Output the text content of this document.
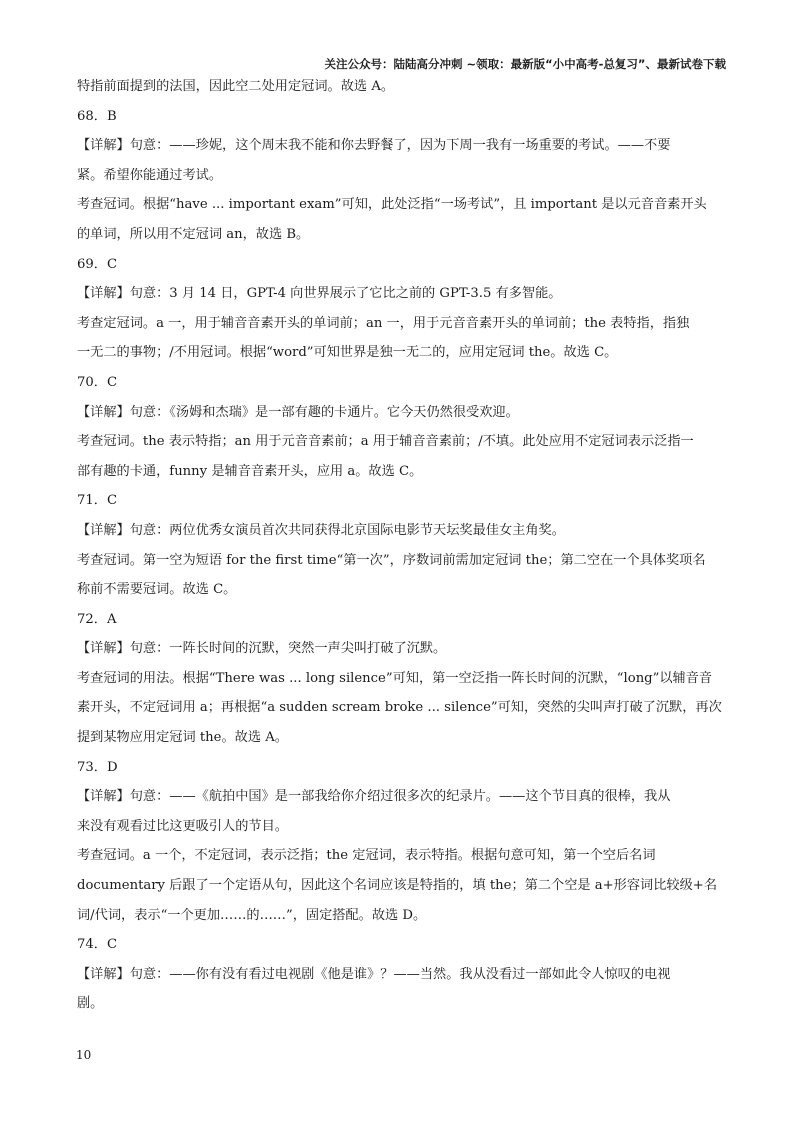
关注公众号：陆陆高分冲刺 ~领取：最新版“小中高考-总复习”、最新试卷下载
特指前面提到的法国，因此空二处用定冠词。故选 A。
68．B
【详解】句意：——珍妮，这个周末我不能和你去野餐了，因为下周一我有一场重要的考试。——不要
紧。希望你能通过考试。
考查冠词。根据“have ... important exam”可知，此处泛指“一场考试”，且 important 是以元音音素开头
的单词，所以用不定冠词 an，故选 B。
69．C
【详解】句意：3 月 14 日，GPT-4 向世界展示了它比之前的 GPT-3.5 有多智能。
考查定冠词。a 一，用于辅音音素开头的单词前；an 一，用于元音音素开头的单词前；the 表特指，指独
一无二的事物；/不用冠词。根据“word”可知世界是独一无二的，应用定冠词 the。故选 C。
70．C
【详解】句意：《汤姆和杰瑞》是一部有趣的卡通片。它今天仍然很受欢迎。
考查冠词。the 表示特指；an 用于元音音素前；a 用于辅音音素前；/不填。此处应用不定冠词表示泛指一
部有趣的卡通，funny 是辅音音素开头，应用 a。故选 C。
71．C
【详解】句意：两位优秀女演员首次共同获得北京国际电影节天坛奖最佳女主角奖。
考查冠词。第一空为短语 for the first time“第一次”，序数词前需加定冠词 the；第二空在一个具体奖项名
称前不需要冠词。故选 C。
72．A
【详解】句意：一阵长时间的沉默，突然一声尖叫打破了沉默。
考查冠词的用法。根据“There was ... long silence”可知，第一空泛指一阵长时间的沉默，“long”以辅音音
素开头，不定冠词用 a；再根据“a sudden scream broke ... silence”可知，突然的尖叫声打破了沉默，再次
提到某物应用定冠词 the。故选 A。
73．D
【详解】句意：——《航拍中国》是一部我给你介绍过很多次的纪录片。——这个节目真的很棒，我从
来没有观看过比这更吸引人的节目。
考查冠词。a 一个，不定冠词，表示泛指；the 定冠词，表示特指。根据句意可知，第一个空后名词
documentary 后跟了一个定语从句，因此这个名词应该是特指的，填 the；第二个空是 a+形容词比较级+名
词/代词，表示“一个更加……的……”，固定搭配。故选 D。
74．C
【详解】句意：——你有没有看过电视剧《他是谁》？——当然。我从没看过一部如此令人惊叹的电视
剧。
10
